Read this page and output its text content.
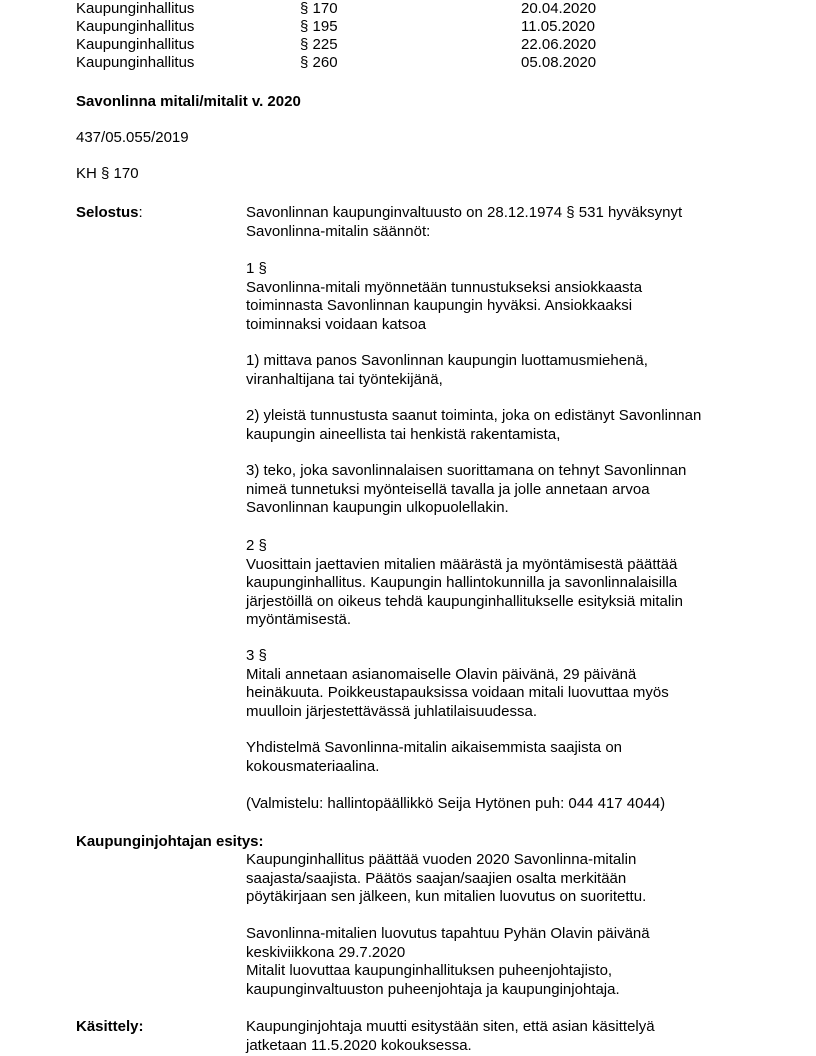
Kaupunginhallitus	§ 170	20.04.2020
Kaupunginhallitus	§ 195	11.05.2020
Kaupunginhallitus	§ 225	22.06.2020
Kaupunginhallitus	§ 260	05.08.2020
Savonlinna mitali/mitalit v. 2020
437/05.055/2019
KH § 170
Selostus:	Savonlinnan kaupunginvaltuusto on 28.12.1974 § 531 hyväksynyt
Savonlinna-mitalin säännöt:
1 §
Savonlinna-mitali myönnetään tunnustukseksi ansiokkaasta
toiminnasta Savonlinnan kaupungin hyväksi. Ansiokkaaksi
toiminnaksi voidaan katsoa
1) mittava panos Savonlinnan kaupungin luottamusmiehenä,
viranhaltijana tai työntekijänä,
2) yleistä tunnustusta saanut toiminta, joka on edistänyt Savonlinnan
kaupungin aineellista tai henkistä rakentamista,
3) teko, joka savonlinnalaisen suorittamana on tehnyt Savonlinnan
nimeä tunnetuksi myönteisellä tavalla ja jolle annetaan arvoa
Savonlinnan kaupungin ulkopuolellakin.
2 §
Vuosittain jaettavien mitalien määrästä ja myöntämisestä päättää
kaupunginhallitus. Kaupungin hallintokunnilla ja savonlinnalaisilla
järjestöillä on oikeus tehdä kaupunginhallitukselle esityksiä mitalin
myöntämisestä.
3 §
Mitali annetaan asianomaiselle Olavin päivänä, 29 päivänä
heinäkuuta. Poikkeustapauksissa voidaan mitali luovuttaa myös
muulloin järjestettävässä juhlatilaisuudessa.
Yhdistelmä Savonlinna-mitalin aikaisemmista saajista on
kokousmateriaalina.
(Valmistelu: hallintopäällikkö Seija Hytönen puh: 044 417 4044)
Kaupunginjohtajan esitys:
Kaupunginhallitus päättää vuoden 2020 Savonlinna-mitalin
saajasta/saajista. Päätös saajan/saajien osalta merkitään
pöytäkirjaan sen jälkeen, kun mitalien luovutus on suoritettu.
Savonlinna-mitalien luovutus tapahtuu Pyhän Olavin päivänä
keskiviikkona 29.7.2020
Mitalit luovuttaa kaupunginhallituksen puheenjohtajisto,
kaupunginvaltuuston puheenjohtaja ja kaupunginjohtaja.
Käsittely:	Kaupunginjohtaja muutti esitystään siten, että asian käsittelyä
jatketaan 11.5.2020 kokouksessa.
